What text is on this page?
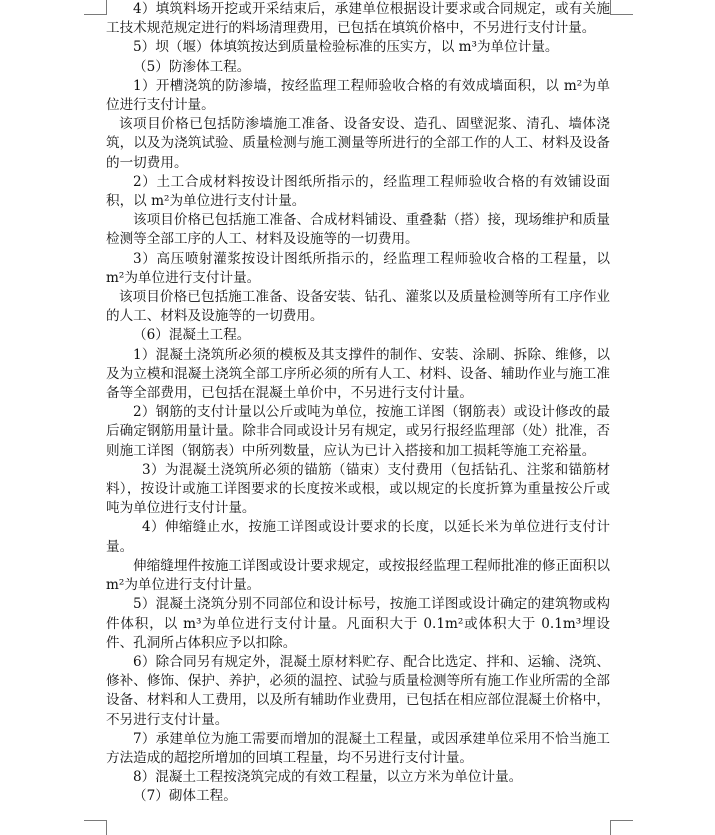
4）填筑料场开挖或开采结束后，承建单位根据设计要求或合同规定，或有关施工技术规范规定进行的料场清理费用，已包括在填筑价格中，不另进行支付计量。

5）坝（堰）体填筑按达到质量检验标准的压实方，以 m³为单位计量。

（5）防渗体工程。

1）开槽浇筑的防渗墙，按经监理工程师验收合格的有效成墙面积，以 m²为单位进行支付计量。

该项目价格已包括防渗墙施工准备、设备安设、造孔、固壁泥浆、清孔、墙体浇筑，以及为浇筑试验、质量检测与施工测量等所进行的全部工作的人工、材料及设备的一切费用。

2）土工合成材料按设计图纸所指示的，经监理工程师验收合格的有效铺设面积，以 m²为单位进行支付计量。

该项目价格已包括施工准备、合成材料铺设、重叠黏（搭）接，现场维护和质量检测等全部工序的人工、材料及设施等的一切费用。

3）高压喷射灌浆按设计图纸所指示的，经监理工程师验收合格的工程量，以 m²为单位进行支付计量。

该项目价格已包括施工准备、设备安装、钻孔、灌浆以及质量检测等所有工序作业的人工、材料及设施等的一切费用。

（6）混凝土工程。

1）混凝土浇筑所必须的模板及其支撑件的制作、安装、涂刷、拆除、维修，以及为立模和混凝土浇筑全部工序所必须的所有人工、材料、设备、辅助作业与施工准备等全部费用，已包括在混凝土单价中，不另进行支付计量。

2）钢筋的支付计量以公斤或吨为单位，按施工详图（钢筋表）或设计修改的最后确定钢筋用量计量。除非合同或设计另有规定，或另行报经监理部（处）批准，否则施工详图（钢筋表）中所列数量，应认为已计入搭接和加工损耗等施工充裕量。

3）为混凝土浇筑所必须的锚筋（锚束）支付费用（包括钻孔、注浆和锚筋材料），按设计或施工详图要求的长度按米或根，或以规定的长度折算为重量按公斤或吨为单位进行支付计量。

4）伸缩缝止水，按施工详图或设计要求的长度，以延长米为单位进行支付计量。

伸缩缝埋件按施工详图或设计要求规定，或按报经监理工程师批准的修正面积以 m²为单位进行支付计量。

5）混凝土浇筑分别不同部位和设计标号，按施工详图或设计确定的建筑物或构件体积，以 m³为单位进行支付计量。凡面积大于 0.1m²或体积大于 0.1m³埋设件、孔洞所占体积应予以扣除。

6）除合同另有规定外，混凝土原材料贮存、配合比选定、拌和、运输、浇筑、修补、修饰、保护、养护，必须的温控、试验与质量检测等所有施工作业所需的全部设备、材料和人工费用，以及所有辅助作业费用，已包括在相应部位混凝土价格中，不另进行支付计量。

7）承建单位为施工需要而增加的混凝土工程量，或因承建单位采用不恰当施工方法造成的超挖所增加的回填工程量，均不另进行支付计量。

8）混凝土工程按浇筑完成的有效工程量，以立方米为单位计量。

（7）砌体工程。
